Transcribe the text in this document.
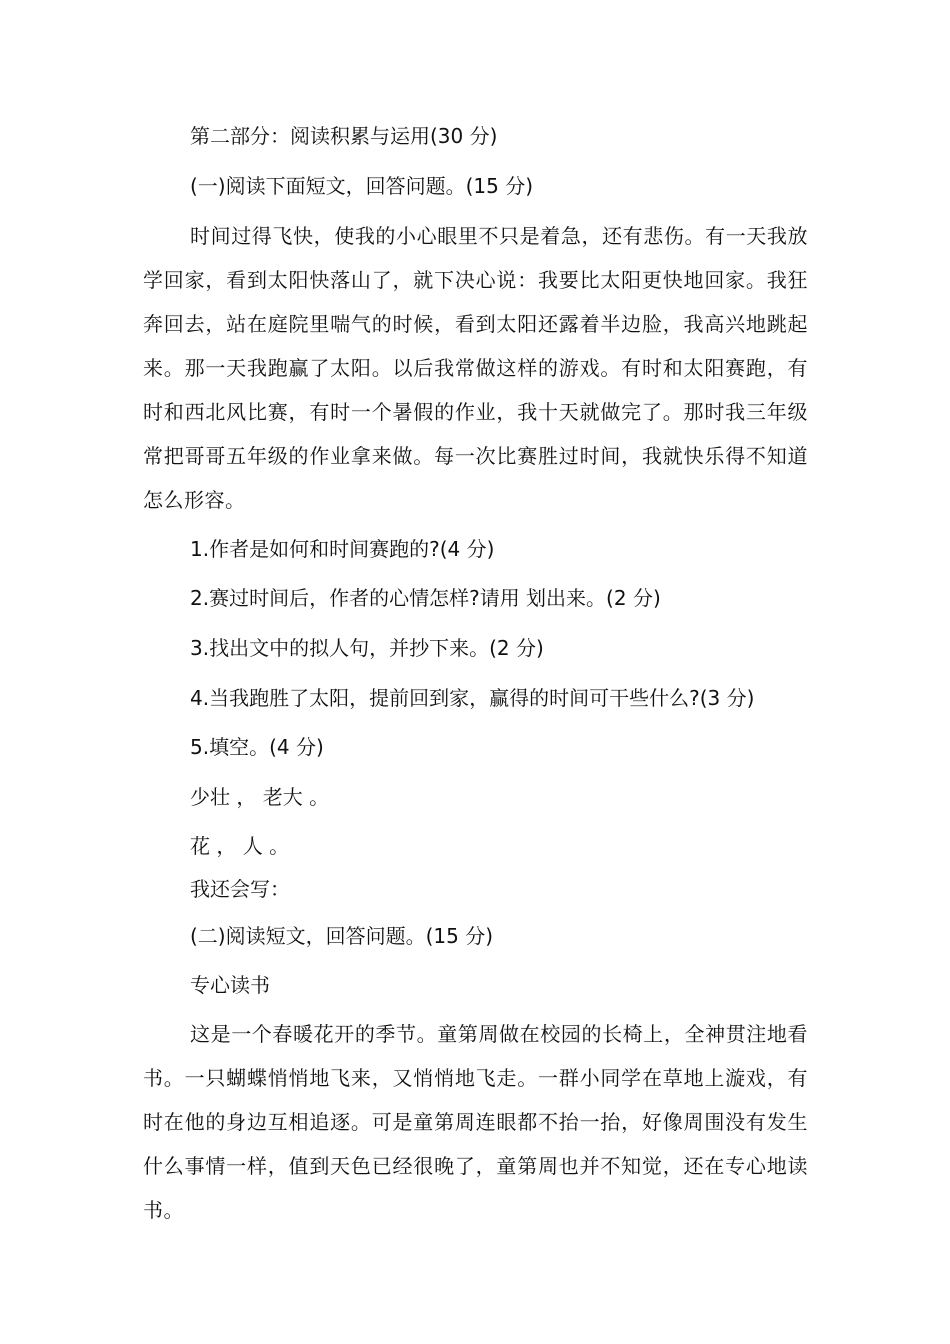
第二部分：阅读积累与运用(30 分)
(一)阅读下面短文，回答问题。(15 分)

时间过得飞快，使我的小心眼里不只是着急，还有悲伤。有一天我放学回家，看到太阳快落山了，就下决心说：我要比太阳更快地回家。我狂奔回去，站在庭院里喘气的时候，看到太阳还露着半边脸，我高兴地跳起来。那一天我跑赢了太阳。以后我常做这样的游戏。有时和太阳赛跑，有时和西北风比赛，有时一个暑假的作业，我十天就做完了。那时我三年级常把哥哥五年级的作业拿来做。每一次比赛胜过时间，我就快乐得不知道怎么形容。

1.作者是如何和时间赛跑的?(4 分)
2.赛过时间后，作者的心情怎样?请用 划出来。(2 分)
3.找出文中的拟人句，并抄下来。(2 分)
4.当我跑胜了太阳，提前回到家，赢得的时间可干些什么?(3 分)
5.填空。(4 分)
少壮 ， 老大 。
花 ， 人 。
我还会写：
(二)阅读短文，回答问题。(15 分)
专心读书

这是一个春暖花开的季节。童第周做在校园的长椅上，全神贯注地看书。一只蝴蝶悄悄地飞来，又悄悄地飞走。一群小同学在草地上漩戏，有时在他的身边互相追逐。可是童第周连眼都不抬一抬，好像周围没有发生什么事情一样，值到天色已经很晚了，童第周也并不知觉，还在专心地读书。
